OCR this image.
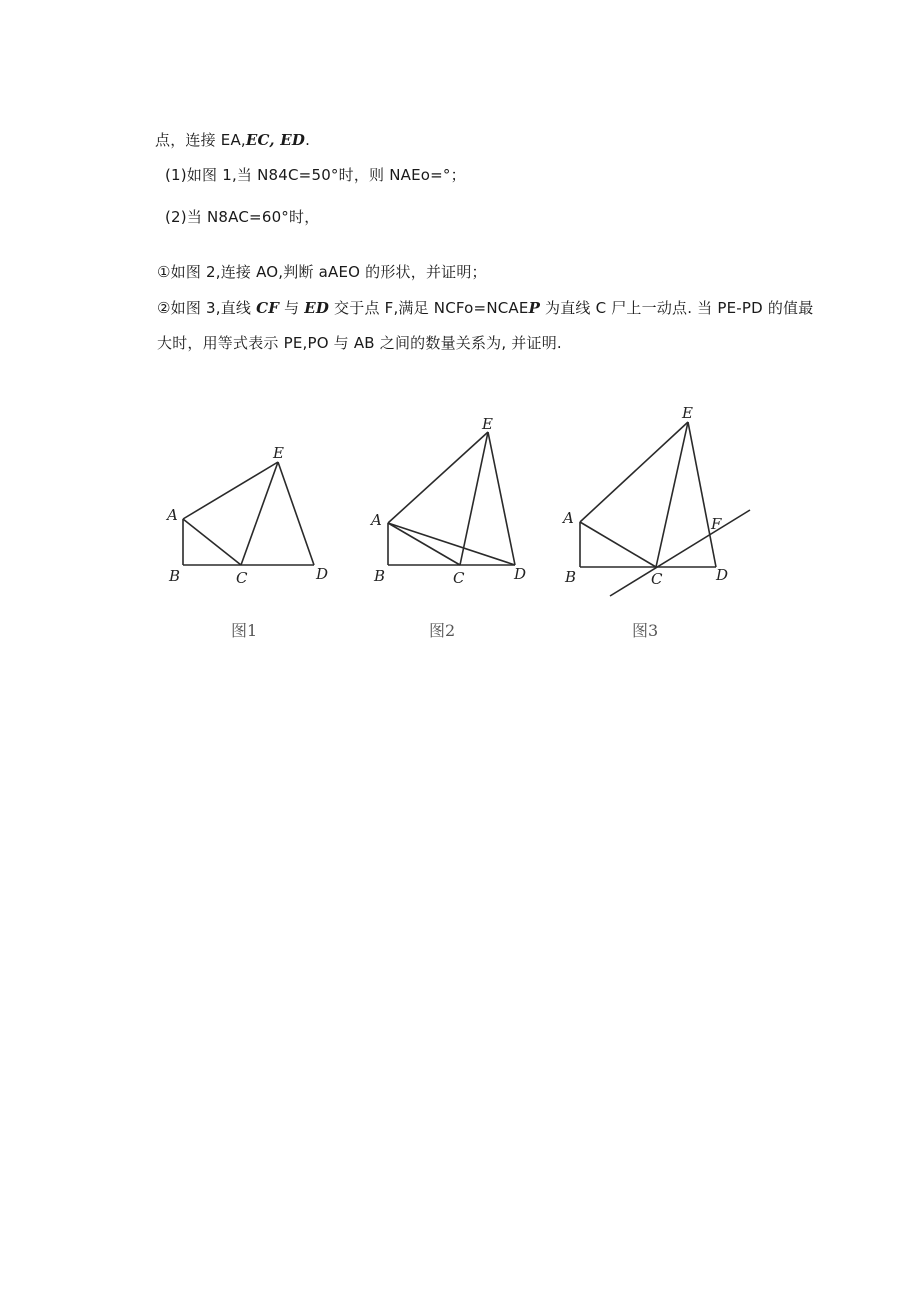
点，连接 EA,EC, ED.
(1)如图 1,当 N84C=50°时，则 NAEo=°；
(2)当 N8AC=60°时，
①如图 2,连接 AO,判断 aAEO 的形状，并证明；
②如图 3,直线 CF 与 ED 交于点 F,满足 NCFo=NCAEP 为直线 C 尸上一动点. 当 PE-PD 的值最
大时，用等式表示 PE,PO 与 AB 之间的数量关系为, 并证明.
A
B	C	D
E
图1
A
B	C	D
E
图2
A
B	C	D
E
F
图3
